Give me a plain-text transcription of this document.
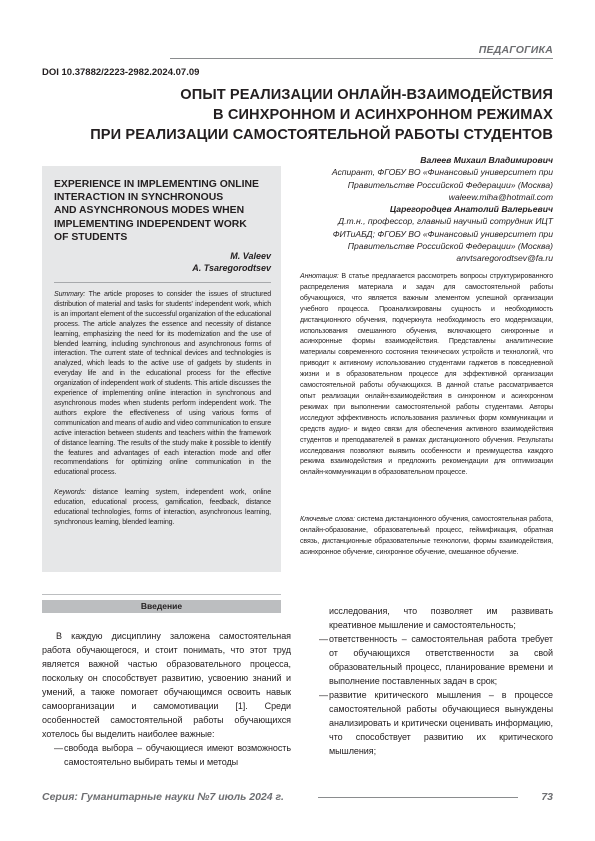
ПЕДАГОГИКА
DOI 10.37882/2223-2982.2024.07.09
ОПЫТ РЕАЛИЗАЦИИ ОНЛАЙН-ВЗАИМОДЕЙСТВИЯ
В СИНХРОННОМ И АСИНХРОННОМ РЕЖИМАХ
ПРИ РЕАЛИЗАЦИИ САМОСТОЯТЕЛЬНОЙ РАБОТЫ СТУДЕНТОВ
EXPERIENCE IN IMPLEMENTING ONLINE
INTERACTION IN SYNCHRONOUS
AND ASYNCHRONOUS MODES WHEN
IMPLEMENTING INDEPENDENT WORK
OF STUDENTS
M. Valeev
A. Tsaregorodtsev
Summary: The article proposes to consider the issues of structured distribution of material and tasks for students' independent work, which is an important element of the successful organization of the educational process. The article analyzes the essence and necessity of distance learning, emphasizing the need for its modernization and the use of blended learning, including synchronous and asynchronous forms of interaction. The current state of technical devices and technologies is analyzed, which leads to the active use of gadgets by students in everyday life and in the educational process for the effective organization of independent work of students. This article discusses the experience of implementing online interaction in synchronous and asynchronous modes when students perform independent work. The authors explore the effectiveness of using various forms of communication and means of audio and video communication to ensure active interaction between students and teachers within the framework of distance learning. The results of the study make it possible to identify the features and advantages of each interaction mode and offer recommendations for optimizing online communication in the educational process.
Keywords: distance learning system, independent work, online education, educational process, gamification, feedback, distance educational technologies, forms of interaction, asynchronous learning, synchronous learning, blended learning.
Валеев Михаил Владимирович
Аспирант, ФГОБУ ВО «Финансовый университет при
Правительстве Российской Федерации» (Москва)
waleew.miha@hotmail.com
Царегородцев Анатолий Валерьевич
Д.т.н., профессор, главный научный сотрудник ИЦТ
ФИТиАБД; ФГОБУ ВО «Финансовый университет при
Правительстве Российской Федерации» (Москва)
anvtsaregorodtsev@fa.ru
Аннотация: В статье предлагается рассмотреть вопросы структурированного распределения материала и задач для самостоятельной работы обучающихся, что является важным элементом успешной организации учебного процесса. Проанализированы сущность и необходимость дистанционного обучения, подчеркнута необходимость его модернизации, использования смешанного обучения, включающего синхронные и асинхронные формы взаимодействия. Представлены аналитические материалы современного состояния технических устройств и технологий, что приводит к активному использованию студентами гаджетов в повседневной жизни и в образовательном процессе для эффективной организации самостоятельной работы обучающихся. В данной статье рассматривается опыт реализации онлайн-взаимодействия в синхронном и асинхронном режимах при выполнении самостоятельной работы студентами. Авторы исследуют эффективность использования различных форм коммуникации и средств аудио- и видео связи для обеспечения активного взаимодействия студентов и преподавателей в рамках дистанционного обучения. Результаты исследования позволяют выявить особенности и преимущества каждого режима взаимодействия и предложить рекомендации для оптимизации онлайн-коммуникации в образовательном процессе.
Ключевые слова: система дистанционного обучения, самостоятельная работа, онлайн-образование, образовательный процесс, геймификация, обратная связь, дистанционные образовательные технологии, формы взаимодействия, асинхронное обучение, синхронное обучение, смешанное обучение.
Введение

В каждую дисциплину заложена самостоятельная работа обучающегося, и стоит понимать, что этот труд является важной частью образовательного процесса, поскольку он способствует развитию, усвоению знаний и умений, а также помогает обучающимся освоить навык самоорганизации и самомотивации [1]. Среди особенностей самостоятельной работы обучающихся хотелось бы выделить наиболее важные:

— свобода выбора – обучающиеся имеют возможность самостоятельно выбирать темы и методы

исследования, что позволяет им развивать креативное мышление и самостоятельность;

— ответственность – самостоятельная работа требует от обучающихся ответственности за свой образовательный процесс, планирование времени и выполнение поставленных задач в срок;

— развитие критического мышления – в процессе самостоятельной работы обучающиеся вынуждены анализировать и критически оценивать информацию, что способствует развитию их критического мышления;

Серия: Гуманитарные науки №7 июль 2024 г.	73
